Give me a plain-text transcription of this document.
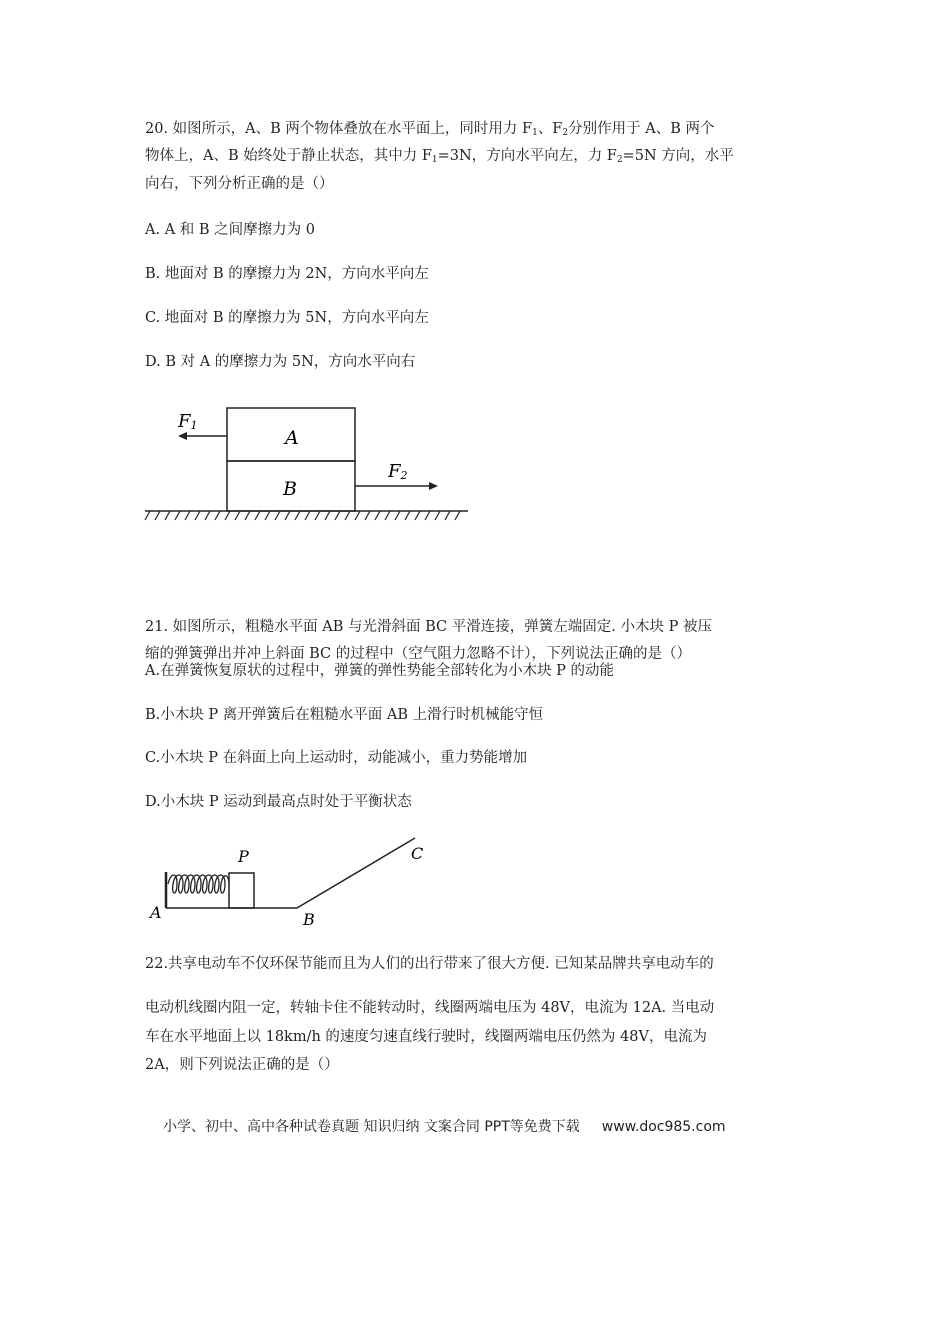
20. 如图所示，A、B 两个物体叠放在水平面上，同时用力 $F_1$、$F_2$分别作用于 A、B 两个
物体上，A、B 始终处于静止状态，其中力 $F_1=3N$，方向水平向左，力 $F_2=5N$ 方向，水平
向右，下列分析正确的是（）
A. A 和 B 之间摩擦力为 0
B. 地面对 B 的摩擦力为 2N，方向水平向左
C. 地面对 B 的摩擦力为 5N，方向水平向左
D. B 对 A 的摩擦力为 5N，方向水平向右
A
B
F1
F2
21. 如图所示，粗糙水平面 AB 与光滑斜面 BC 平滑连接，弹簧左端固定. 小木块 P 被压
缩的弹簧弹出并冲上斜面 BC 的过程中（空气阻力忽略不计），下列说法正确的是（）
A.在弹簧恢复原状的过程中，弹簧的弹性势能全部转化为小木块 P 的动能
B.小木块 P 离开弹簧后在粗糙水平面 AB 上滑行时机械能守恒
C.小木块 P 在斜面上向上运动时，动能减小，重力势能增加
D.小木块 P 运动到最高点时处于平衡状态
A	B
C
P
22.共享电动车不仅环保节能而且为人们的出行带来了很大方便. 已知某品牌共享电动车的
电动机线圈内阻一定，转轴卡住不能转动时，线圈两端电压为 48V，电流为 12A. 当电动
车在水平地面上以 18km/h 的速度匀速直线行驶时，线圈两端电压仍然为 48V，电流为
2A，则下列说法正确的是（）
小学、初中、高中各种试卷真题 知识归纳 文案合同 PPT等免费下载 www.doc985.com
